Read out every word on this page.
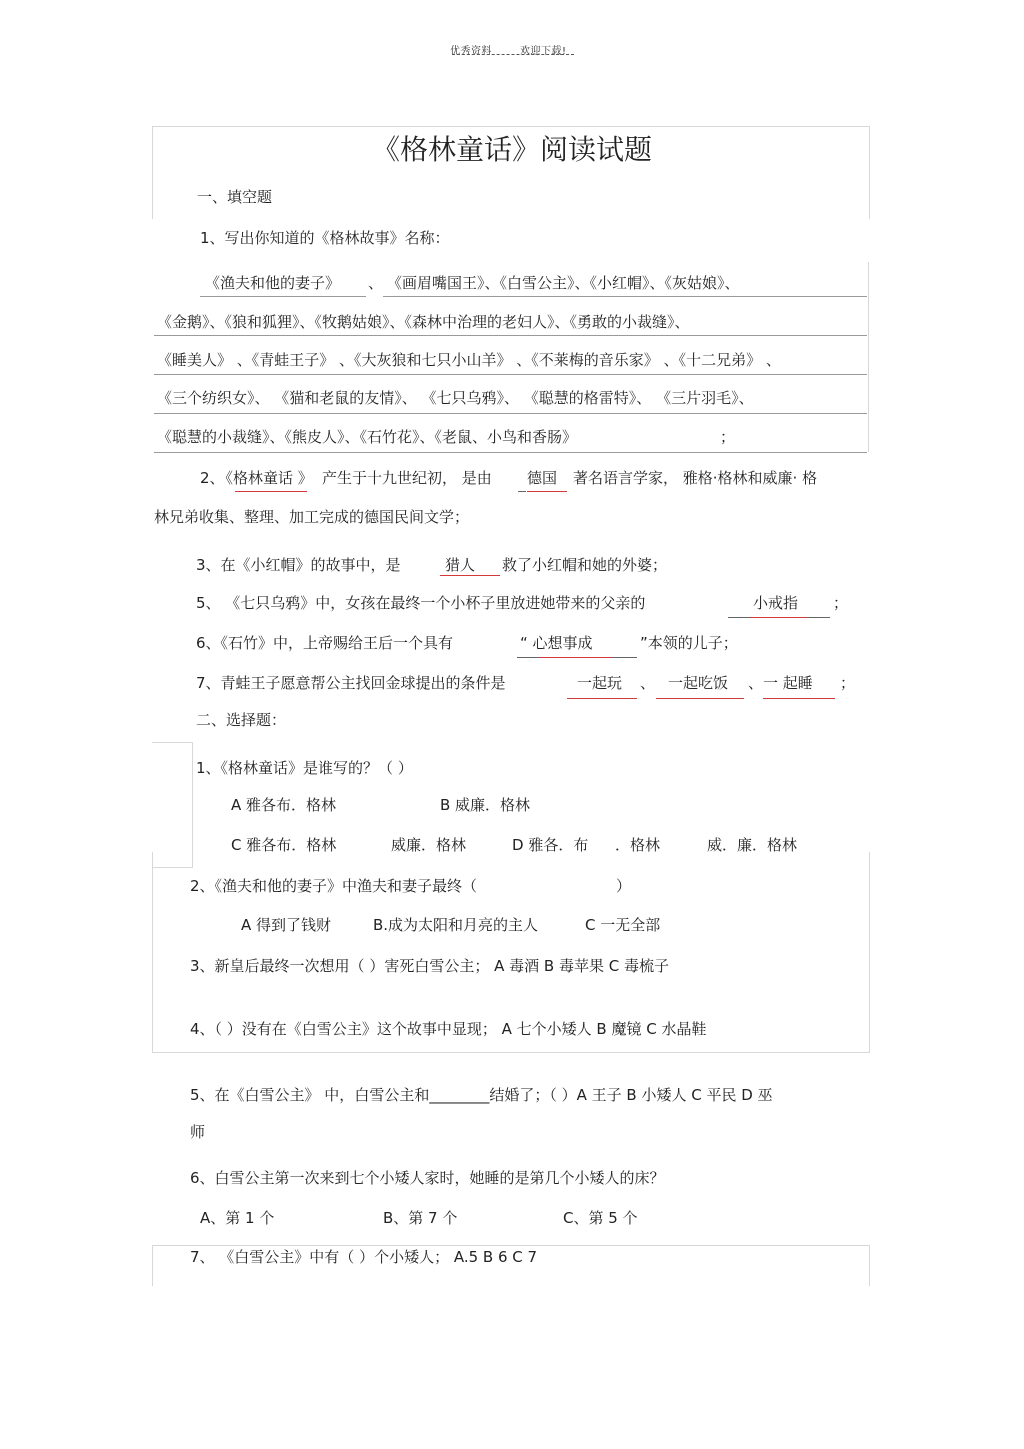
优秀资料	欢迎下载!
《格林童话》阅读试题
一、填空题
1、写出你知道的《格林故事》名称：
《渔夫和他的妻子》 、 《画眉嘴国王》、《白雪公主》、《小红帽》、《灰姑娘》、
《金鹅》、《狼和狐狸》、《牧鹅姑娘》、《森林中治理的老妇人》、《勇敢的小裁缝》、
《睡美人》 、《青蛙王子》 、《大灰狼和七只小山羊》 、《不莱梅的音乐家》 、《十二兄弟》 、
《三个纺织女》、 《猫和老鼠的友情》、 《七只乌鸦》、 《聪慧的格雷特》、 《三片羽毛》、
《聪慧的小裁缝》、《熊皮人》、《石竹花》、《老鼠、小鸟和香肠》	；
2、
《格林童话 》 产生于十九世纪初， 是由 德国 著名语言学家， 雅格·格林和威廉· 格
林兄弟收集、整理、加工完成的德国民间文学；
3、在《小红帽》的故事中，是	猎人 救了小红帽和她的外婆；
5、 《七只乌鸦》中，女孩在最终一个小杯子里放进她带来的父亲的	小戒指 ；
6、《石竹》中，上帝赐给王后一个具有	“ 心想事成	”本领的儿子；
7、青蛙王子愿意帮公主找回金球提出的条件是	一起玩 、 一起吃饭 、一 起睡 ；
二、选择题：
1、《格林童话》是谁写的？（ ）
A 雅各布．格林	B 威廉．格林
C 雅各布．格林	威廉．格林	D 雅各．布 ．格林	威．廉．格林
2、《渔夫和他的妻子》中渔夫和妻子最终（	）
A 得到了钱财	B.成为太阳和月亮的主人	C 一无全部
3、新皇后最终一次想用（ ）害死白雪公主； A 毒酒 B 毒苹果 C 毒梳子
4、（ ）没有在《白雪公主》这个故事中显现； A 七个小矮人 B 魔镜 C 水晶鞋
5、在《白雪公主》 中，白雪公主和________结婚了；（ ）A 王子 B 小矮人 C 平民 D 巫
师
6、白雪公主第一次来到七个小矮人家时，她睡的是第几个小矮人的床？
A、第 1 个	B、第 7 个	C、第 5 个
7、 《白雪公主》中有（ ）个小矮人； A.5 B 6 C 7
